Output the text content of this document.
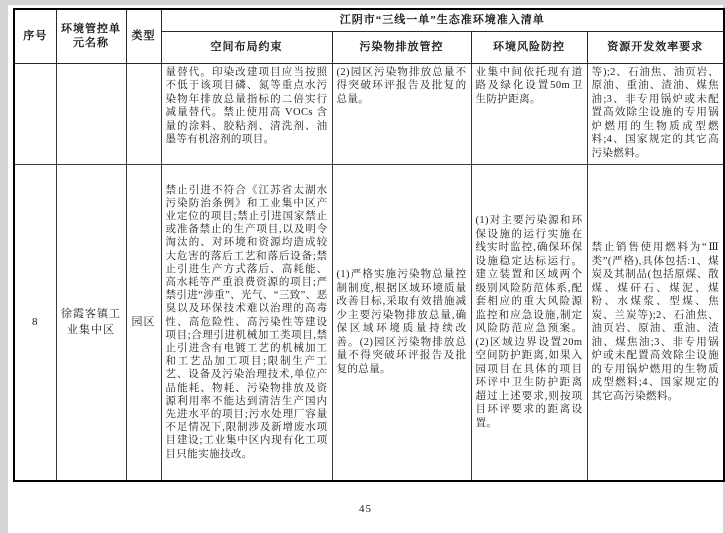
序号	环境管控单元名称	类型	江阴市“三线一单”生态准环境准入清单			
			空间布局约束	污染物排放管控	环境风险防控	资源开发效率要求
			量替代。印染改建项目应当按照不低于该项目磷、氮等重点水污染物年排放总量指标的二倍实行减量替代。禁止使用高 VOCs 含量的涂料、胶粘剂、清洗剂、油墨等有机溶剂的项目。	(2)园区污染物排放总量不得突破环评报告及批复的总量。	业集中间依托现有道路及绿化设置50m卫生防护距离。	等);2、石油焦、油页岩、原油、重油、渣油、煤焦油;3、非专用锅炉或未配置高效除尘设施的专用锅炉燃用的生物质成型燃料;4、国家规定的其它高污染燃料。
8	徐霞客镇工业集中区	园区	禁止引进不符合《江苏省太湖水污染防治条例》和工业集中区产业定位的项目;禁止引进国家禁止或准备禁止的生产项目,以及明令淘汰的、对环境和资源均造成较大危害的落后工艺和落后设备;禁止引进生产方式落后、高耗能、高水耗等严重浪费资源的项目;严禁引进“涉重”、光气、“三致”、恶臭以及环保技术难以治理的高毒性、高危险性、高污染性等建设项目;合理引进机械加工类项目,禁止引进含有电镀工艺的机械加工和工艺品加工项目;限制生产工艺、设备及污染治理技术,单位产品能耗、物耗、污染物排放及资源利用率不能达到清洁生产国内先进水平的项目;污水处理厂容量不足情况下,限制涉及新增废水项目建设;工业集中区内现有化工项目只能实施技改。	(1)严格实施污染物总量控制制度,根据区域环境质量改善目标,采取有效措施减少主要污染物排放总量,确保区域环境质量持续改善。(2)园区污染物排放总量不得突破环评报告及批复的总量。	(1)对主要污染源和环保设施的运行实施在线实时监控,确保环保设施稳定达标运行。建立装置和区域两个级别风险防范体系,配套相应的重大风险源监控和应急设施,制定风险防范应急预案。(2)区域边界设置20m空间防护距离,如果入园项目在具体的项目环评中卫生防护距离超过上述要求,则按项目环评要求的距离设置。	禁止销售使用燃料为“Ⅲ类”(严格),具体包括:1、煤炭及其制品(包括原煤、散煤、煤矸石、煤泥、煤粉、水煤浆、型煤、焦炭、兰炭等);2、石油焦、油页岩、原油、重油、渣油、煤焦油;3、非专用锅炉或未配置高效除尘设施的专用锅炉燃用的生物质成型燃料;4、国家规定的其它高污染燃料。
45
